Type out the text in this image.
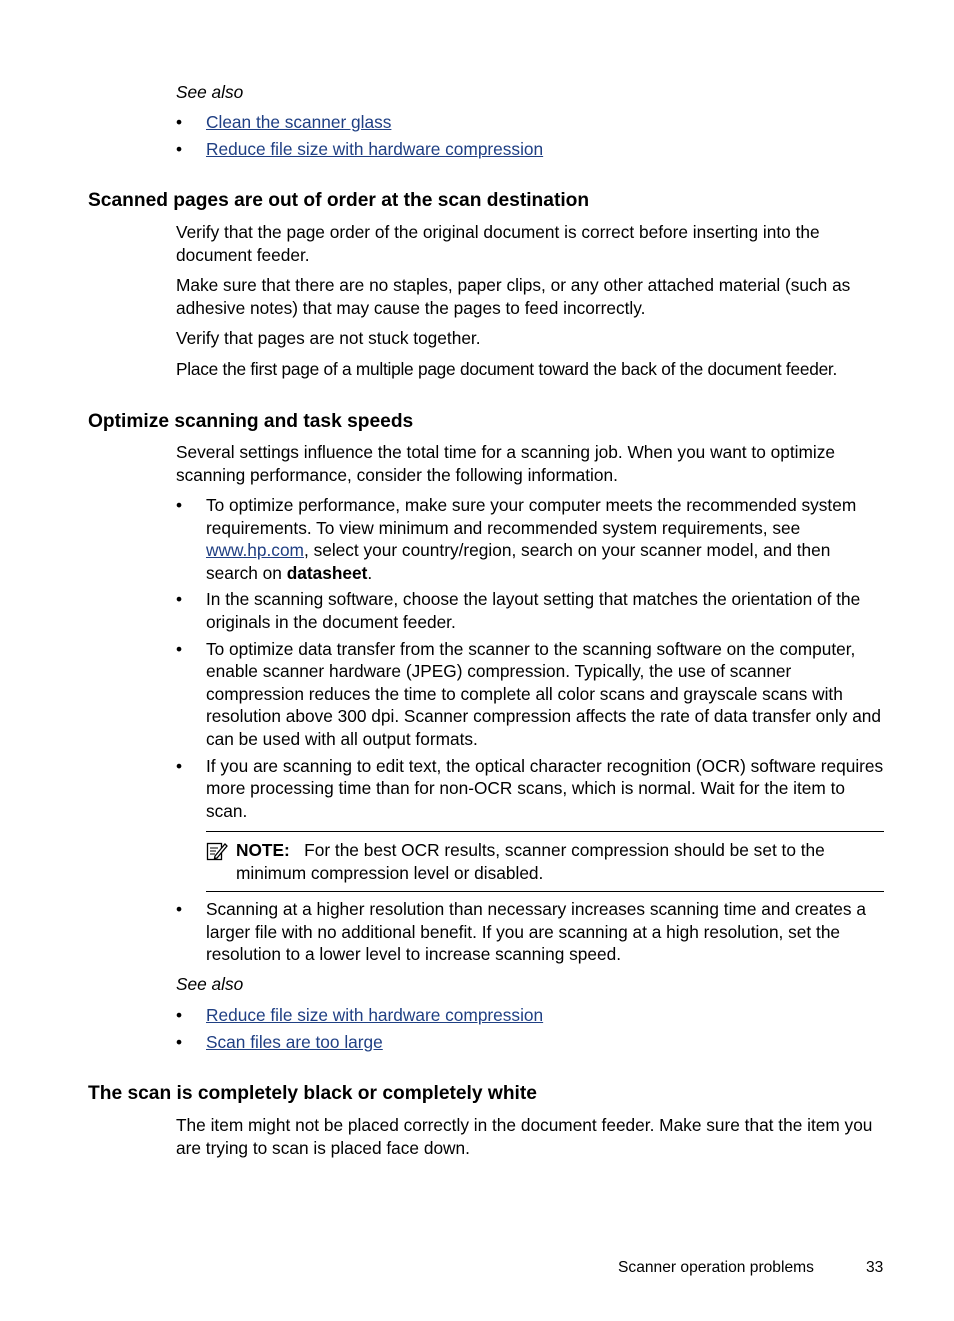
See also
• Clean the scanner glass
• Reduce file size with hardware compression
Scanned pages are out of order at the scan destination

Verify that the page order of the original document is correct before inserting into the document feeder.

Make sure that there are no staples, paper clips, or any other attached material (such as adhesive notes) that may cause the pages to feed incorrectly.

Verify that pages are not stuck together.

Place the first page of a multiple page document toward the back of the document feeder.

Optimize scanning and task speeds

Several settings influence the total time for a scanning job. When you want to optimize scanning performance, consider the following information.

• To optimize performance, make sure your computer meets the recommended system requirements. To view minimum and recommended system requirements, see www.hp.com, select your country/region, search on your scanner model, and then search on datasheet.
• In the scanning software, choose the layout setting that matches the orientation of the originals in the document feeder.
• To optimize data transfer from the scanner to the scanning software on the computer, enable scanner hardware (JPEG) compression. Typically, the use of scanner compression reduces the time to complete all color scans and grayscale scans with resolution above 300 dpi. Scanner compression affects the rate of data transfer only and can be used with all output formats.
• If you are scanning to edit text, the optical character recognition (OCR) software requires more processing time than for non-OCR scans, which is normal. Wait for the item to scan.
NOTE: For the best OCR results, scanner compression should be set to the minimum compression level or disabled.
• Scanning at a higher resolution than necessary increases scanning time and creates a larger file with no additional benefit. If you are scanning at a high resolution, set the resolution to a lower level to increase scanning speed.
See also
• Reduce file size with hardware compression
• Scan files are too large
The scan is completely black or completely white

The item might not be placed correctly in the document feeder. Make sure that the item you are trying to scan is placed face down.

Scanner operation problems	33
